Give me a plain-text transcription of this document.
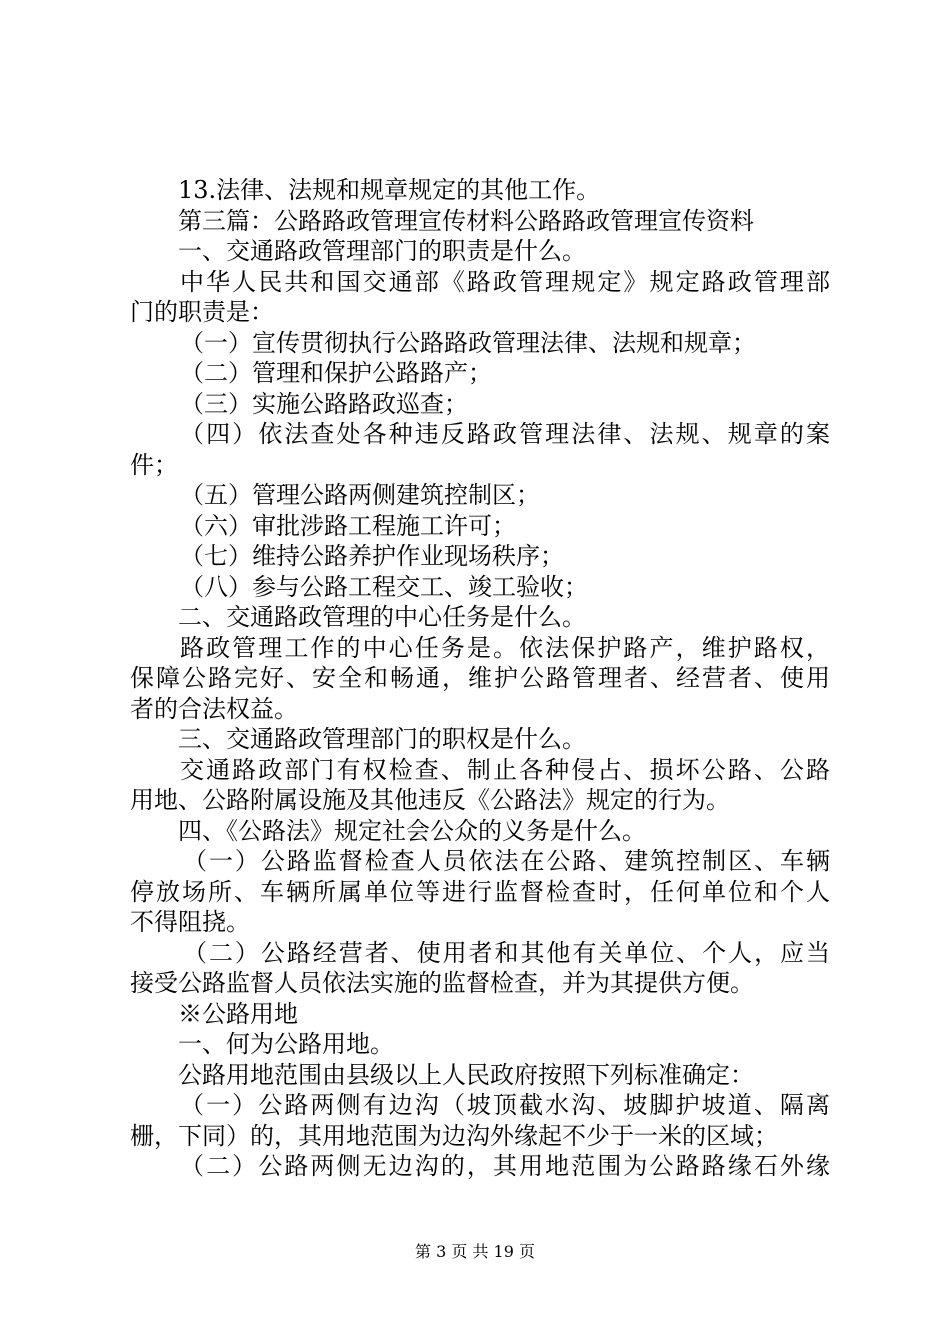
13.法律、法规和规章规定的其他工作。
第三篇：公路路政管理宣传材料公路路政管理宣传资料
一、交通路政管理部门的职责是什么。
中华人民共和国交通部《路政管理规定》规定路政管理部
门的职责是：
（一）宣传贯彻执行公路路政管理法律、法规和规章；
（二）管理和保护公路路产；
（三）实施公路路政巡查；
（四）依法查处各种违反路政管理法律、法规、规章的案
件；
（五）管理公路两侧建筑控制区；
（六）审批涉路工程施工许可；
（七）维持公路养护作业现场秩序；
（八）参与公路工程交工、竣工验收；
二、交通路政管理的中心任务是什么。
路政管理工作的中心任务是。依法保护路产，维护路权，
保障公路完好、安全和畅通，维护公路管理者、经营者、使用
者的合法权益。
三、交通路政管理部门的职权是什么。
交通路政部门有权检查、制止各种侵占、损坏公路、公路
用地、公路附属设施及其他违反《公路法》规定的行为。
四、《公路法》规定社会公众的义务是什么。
（一）公路监督检查人员依法在公路、建筑控制区、车辆
停放场所、车辆所属单位等进行监督检查时，任何单位和个人
不得阻挠。
（二）公路经营者、使用者和其他有关单位、个人，应当
接受公路监督人员依法实施的监督检查，并为其提供方便。
※公路用地
一、何为公路用地。
公路用地范围由县级以上人民政府按照下列标准确定：
（一）公路两侧有边沟（坡顶截水沟、坡脚护坡道、隔离
栅，下同）的，其用地范围为边沟外缘起不少于一米的区域；
（二）公路两侧无边沟的，其用地范围为公路路缘石外缘
第 3 页 共 19 页
